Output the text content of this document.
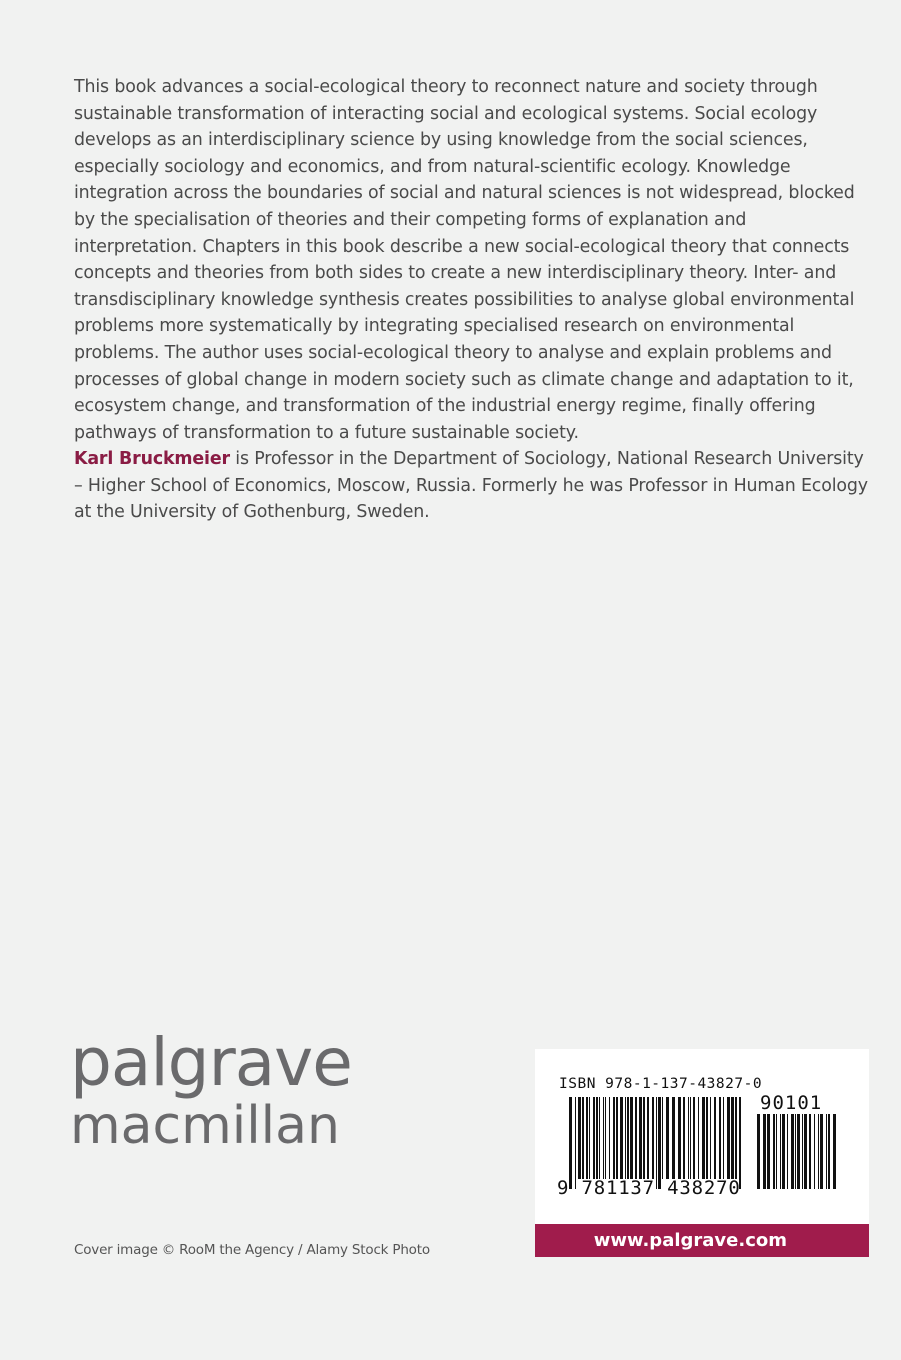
This book advances a social-ecological theory to reconnect nature and society through sustainable transformation of interacting social and ecological systems. Social ecology develops as an interdisciplinary science by using knowledge from the social sciences, especially sociology and economics, and from natural-scientific ecology. Knowledge integration across the boundaries of social and natural sciences is not widespread, blocked by the specialisation of theories and their competing forms of explanation and interpretation. Chapters in this book describe a new social-ecological theory that connects concepts and theories from both sides to create a new interdisciplinary theory. Inter- and transdisciplinary knowledge synthesis creates possibilities to analyse global environmental problems more systematically by integrating specialised research on environmental problems. The author uses social-ecological theory to analyse and explain problems and processes of global change in modern society such as climate change and adaptation to it, ecosystem change, and transformation of the industrial energy regime, finally offering pathways of transformation to a future sustainable society.

Karl Bruckmeier is Professor in the Department of Sociology, National Research University – Higher School of Economics, Moscow, Russia. Formerly he was Professor in Human Ecology at the University of Gothenburg, Sweden.

palgrave
macmillan
Cover image © RooM the Agency / Alamy Stock Photo
ISBN 978-1-137-43827-0
90101
9 781137 438270
www.palgrave.com
